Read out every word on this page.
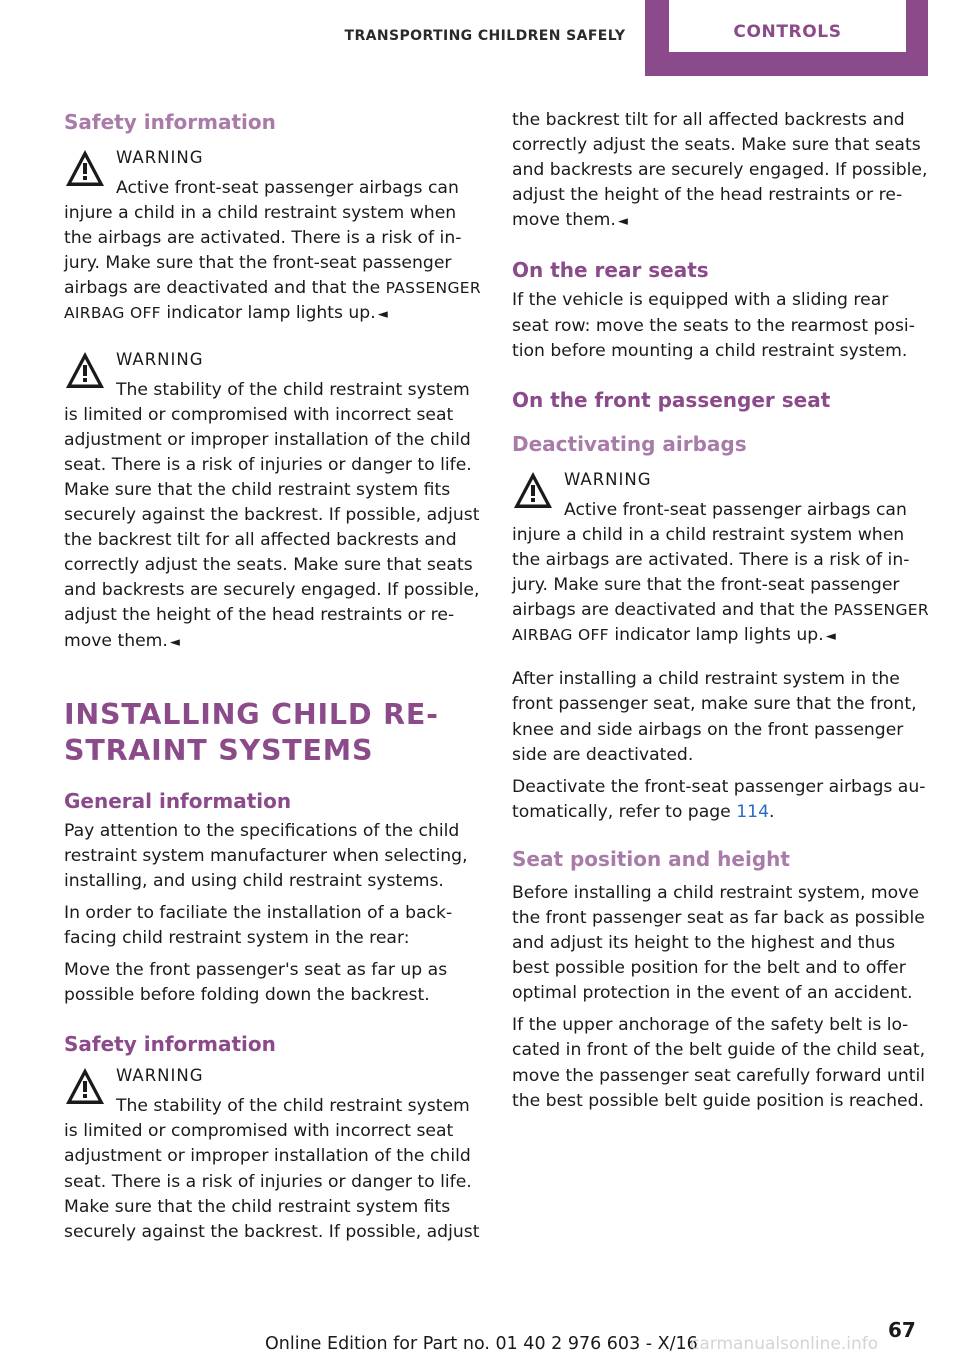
TRANSPORTING CHILDREN SAFELY	CONTROLS
Safety information
WARNING
Active front-seat passenger airbags can injure a child in a child restraint system when the airbags are activated. There is a risk of injury. Make sure that the front-seat passenger airbags are deactivated and that the PASSENGER AIRBAG OFF indicator lamp lights up. ◄
WARNING
The stability of the child restraint system is limited or compromised with incorrect seat adjustment or improper installation of the child seat. There is a risk of injuries or danger to life. Make sure that the child restraint system fits securely against the backrest. If possible, adjust the backrest tilt for all affected backrests and correctly adjust the seats. Make sure that seats and backrests are securely engaged. If possible, adjust the height of the head restraints or remove them. ◄
INSTALLING CHILD RESTRAINT SYSTEMS
General information

Pay attention to the specifications of the child restraint system manufacturer when selecting, installing, and using child restraint systems.

In order to faciliate the installation of a backfacing child restraint system in the rear:

Move the front passenger's seat as far up as possible before folding down the backrest.

Safety information
WARNING
The stability of the child restraint system is limited or compromised with incorrect seat adjustment or improper installation of the child seat. There is a risk of injuries or danger to life. Make sure that the child restraint system fits securely against the backrest. If possible, adjust

the backrest tilt for all affected backrests and correctly adjust the seats. Make sure that seats and backrests are securely engaged. If possible, adjust the height of the head restraints or remove them. ◄

On the rear seats

If the vehicle is equipped with a sliding rear seat row: move the seats to the rearmost position before mounting a child restraint system.

On the front passenger seat
Deactivating airbags
WARNING
Active front-seat passenger airbags can injure a child in a child restraint system when the airbags are activated. There is a risk of injury. Make sure that the front-seat passenger airbags are deactivated and that the PASSENGER AIRBAG OFF indicator lamp lights up. ◄

After installing a child restraint system in the front passenger seat, make sure that the front, knee and side airbags on the front passenger side are deactivated.

Deactivate the front-seat passenger airbags automatically, refer to page 114.

Seat position and height

Before installing a child restraint system, move the front passenger seat as far back as possible and adjust its height to the highest and thus best possible position for the belt and to offer optimal protection in the event of an accident.

If the upper anchorage of the safety belt is located in front of the belt guide of the child seat, move the passenger seat carefully forward until the best possible belt guide position is reached.

67
Online Edition for Part no. 01 40 2 976 603 - X/16
carmanualsonline.info
